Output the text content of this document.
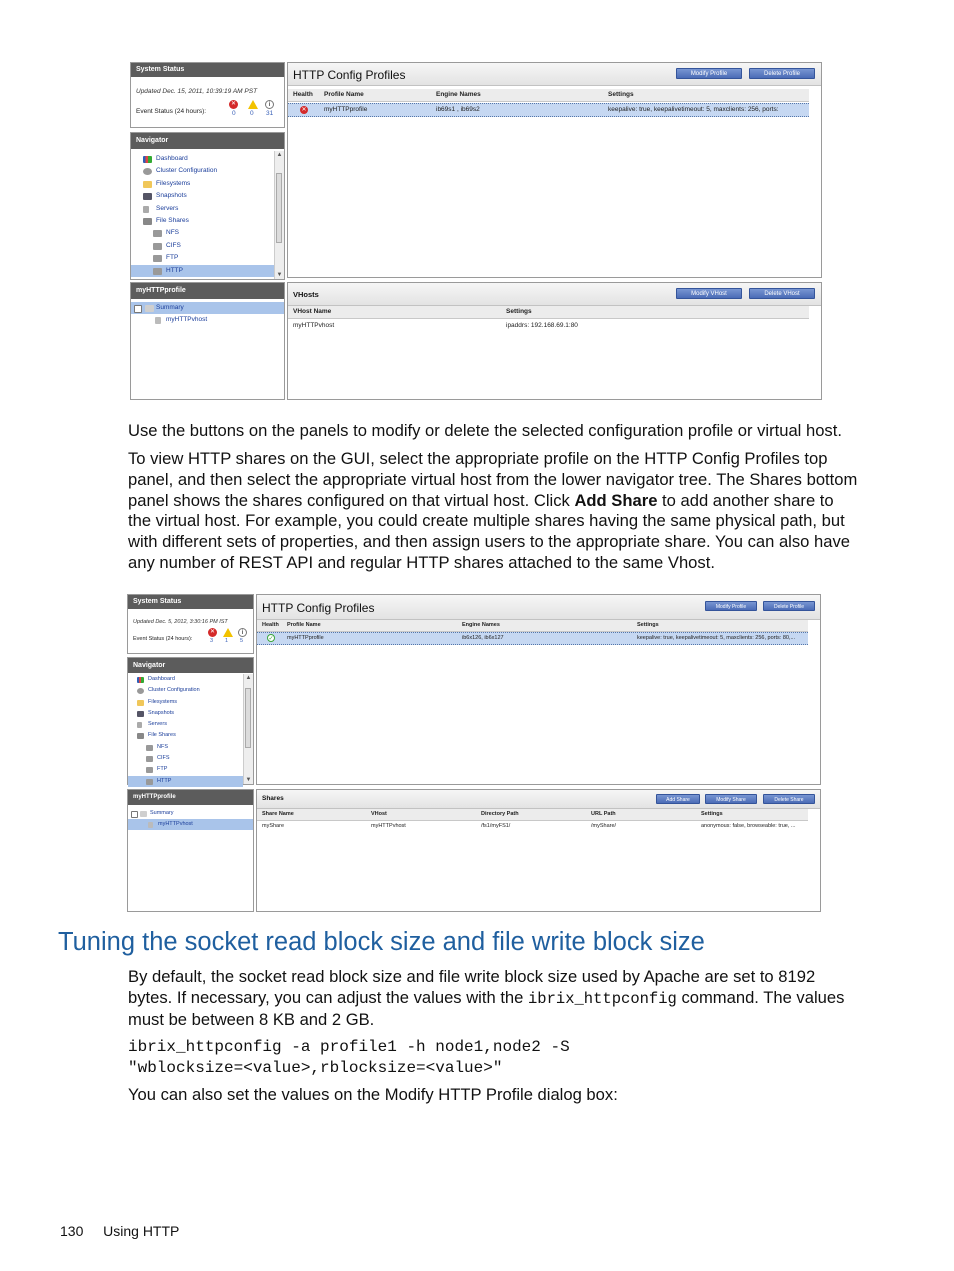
System Status
Updated Dec. 15, 2011, 10:39:19 AM PST
Event Status (24 hours):
✕	i
0 0 31
Navigator
Dashboard
Cluster Configuration
Filesystems
Snapshots
Servers
File Shares
NFS
CIFS
FTP
HTTP
▲
▼
myHTTPprofile
Summary
myHTTPvhost
HTTP Config Profiles	Modify Profile	Delete Profile
Health Profile Name	Engine Names	Settings
✕	myHTTPprofile	ib69s1 , ib69s2	keepalive: true, keepalivetimeout: 5, maxclients: 256, ports:
VHosts	Modify VHost	Delete VHost
VHost Name	Settings
myHTTPvhost	ipaddrs: 192.168.69.1:80
Use the buttons on the panels to modify or delete the selected configuration profile or virtual host.
To view HTTP shares on the GUI, select the appropriate profile on the HTTP Config Profiles top
panel, and then select the appropriate virtual host from the lower navigator tree. The Shares bottom
panel shows the shares configured on that virtual host. Click Add Share to add another share to
the virtual host. For example, you could create multiple shares having the same physical path, but
with different sets of properties, and then assign users to the appropriate share. You can also have
any number of REST API and regular HTTP shares attached to the same Vhost.
System Status
Updated Dec. 5, 2012, 3:30:16 PM IST
Event Status (24 hours):
✕	i
3 1 5
Navigator
Dashboard
Cluster Configuration
Filesystems
Snapshots
Servers
File Shares
NFS
CIFS
FTP
HTTP
▲
▼
myHTTPprofile
Summary
myHTTPvhost
HTTP Config Profiles	Modify Profile	Delete Profile
Health Profile Name	Engine Names	Settings
✓ myHTTPprofile	ib6x126, ib6x127	keepalive: true, keepalivetimeout: 5, maxclients: 256, ports: 80,...
Shares	Add Share	Modify Share	Delete Share
Share Name	VHost	Directory Path	URL Path	Settings
myShare	myHTTPvhost	/fs1/myFS1/	/myShare/	anonymous: false, browseable: true, ...
Tuning the socket read block size and file write block size
By default, the socket read block size and file write block size used by Apache are set to 8192
bytes. If necessary, you can adjust the values with the ibrix_httpconfig command. The values
must be between 8 KB and 2 GB.
ibrix_httpconfig -a profile1 -h node1,node2 -S
"wblocksize=<value>,rblocksize=<value>"
You can also set the values on the Modify HTTP Profile dialog box:
130 Using HTTP
